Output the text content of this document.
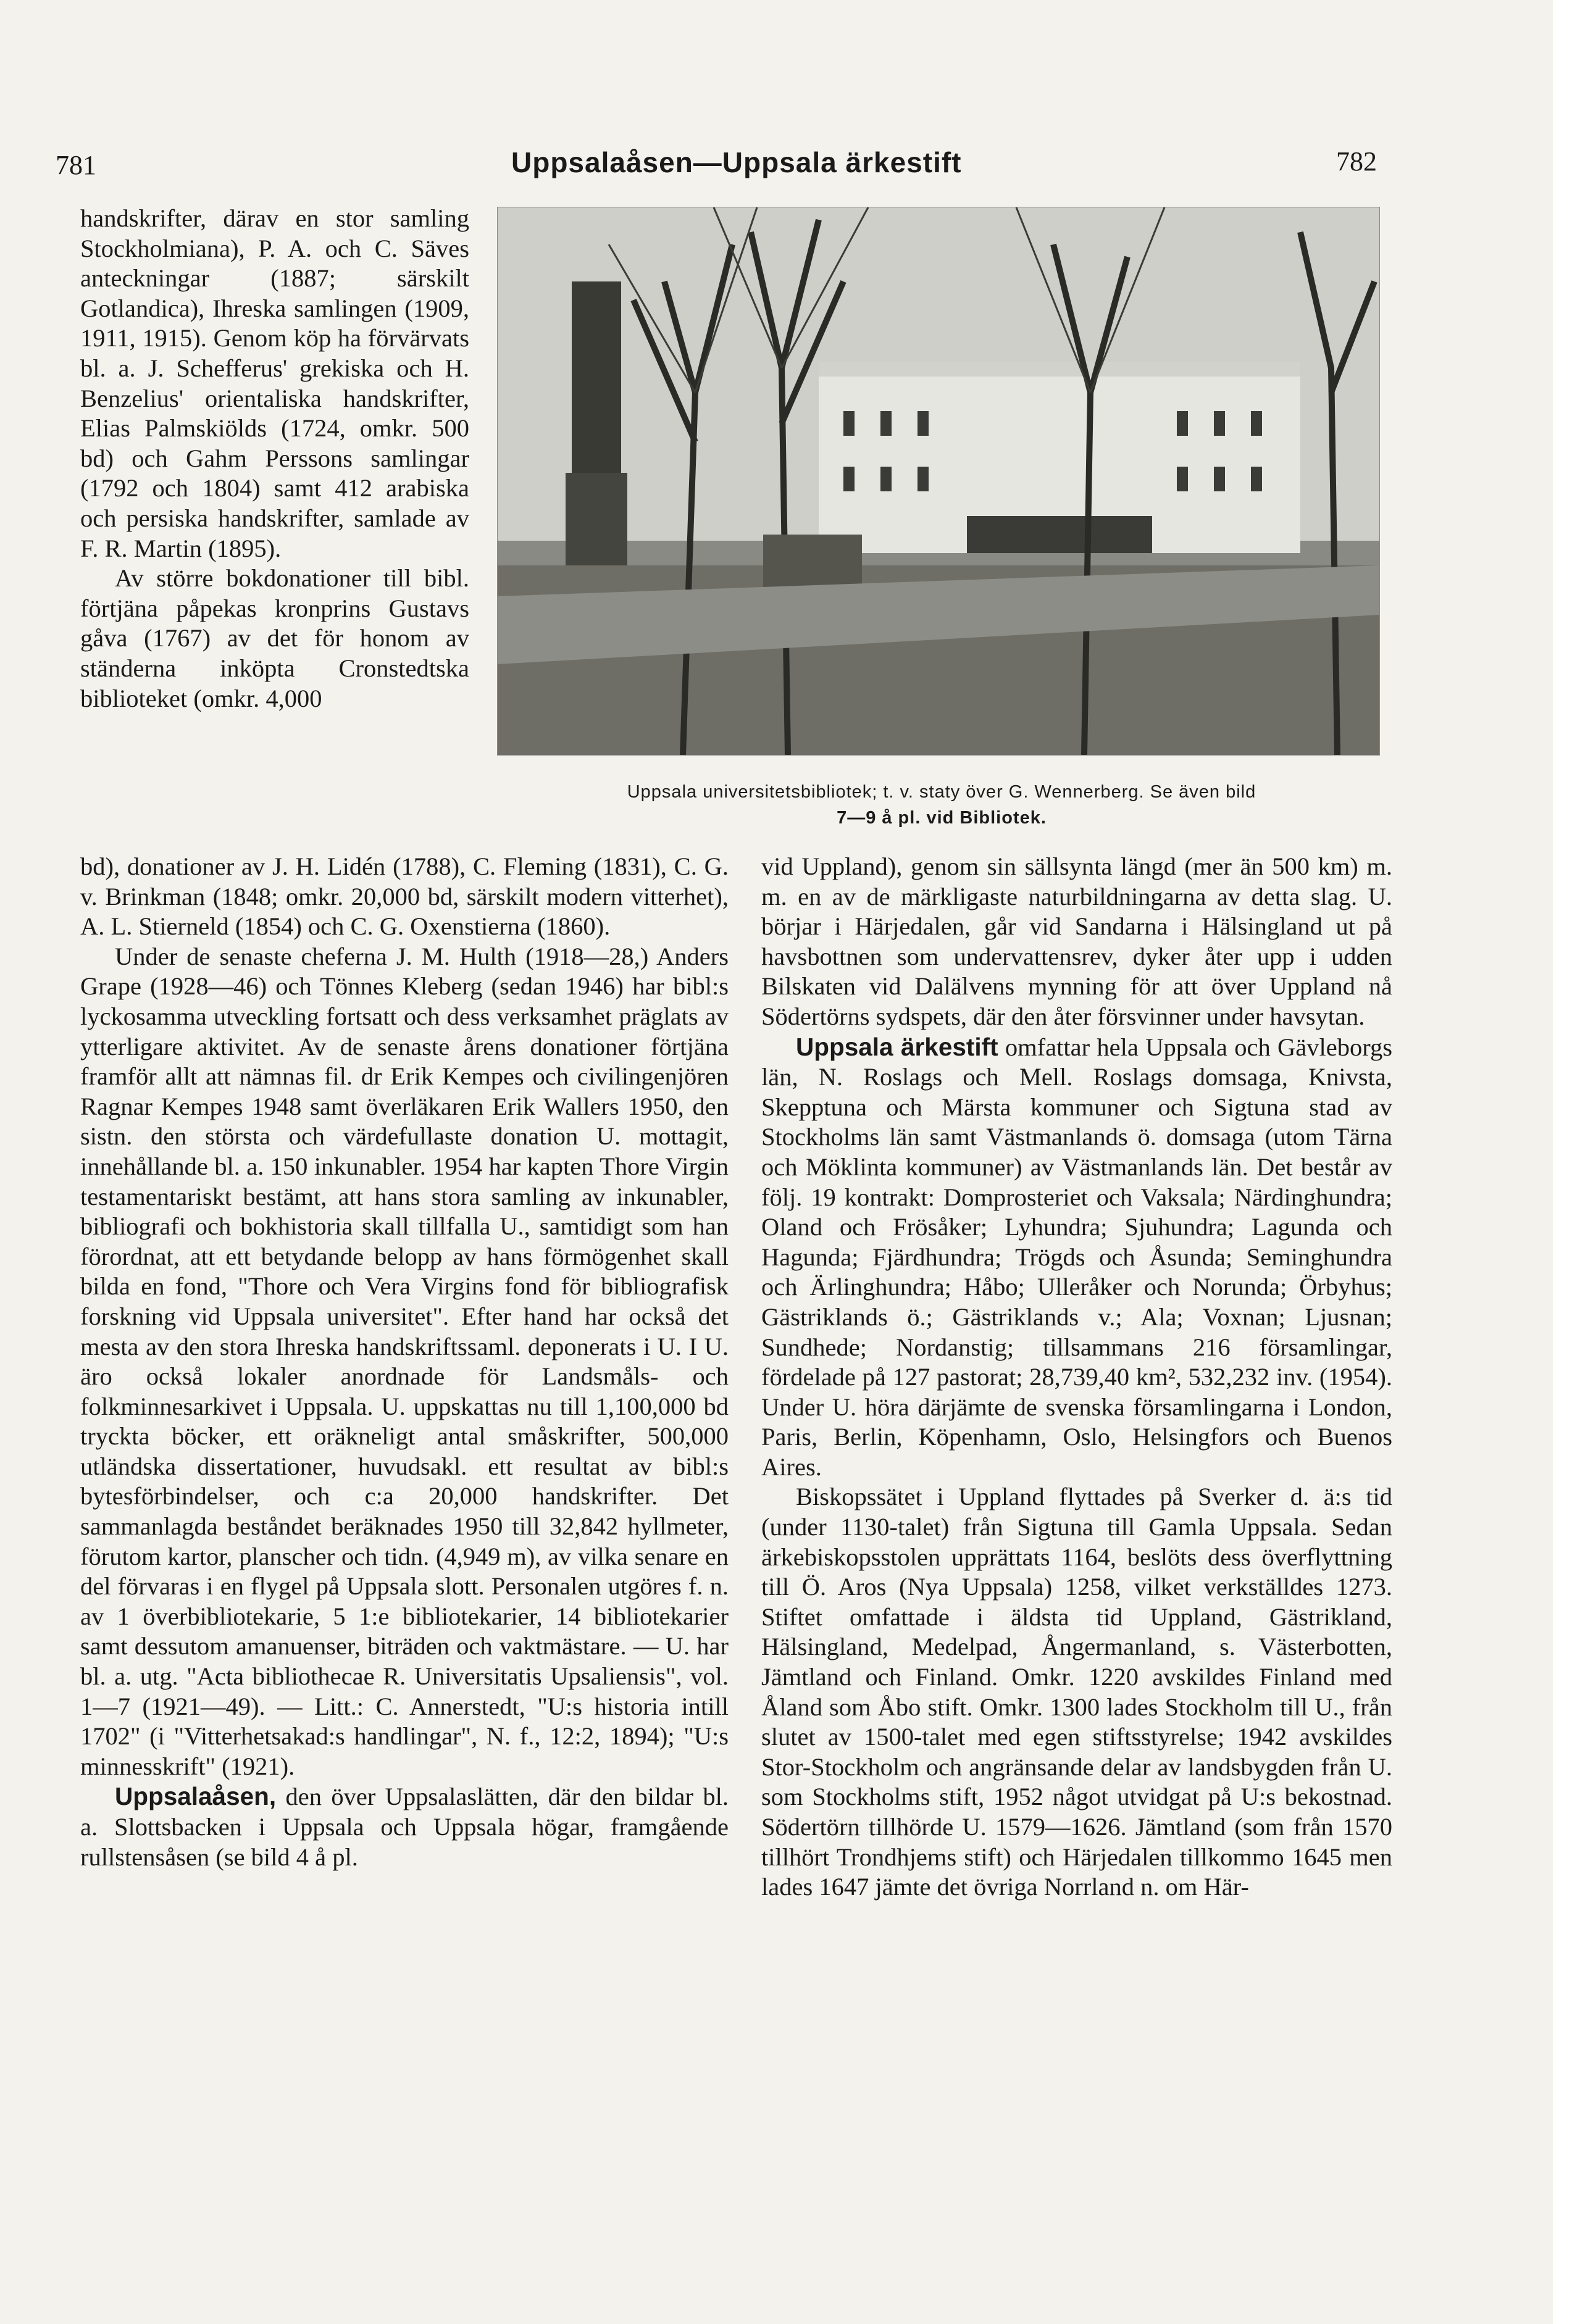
781	Uppsalaåsen—Uppsala ärkestift	782
Uppsala universitetsbibliotek; t. v. staty över G. Wennerberg. Se även bild
7—9 å pl. vid Bibliotek.

handskrifter, därav en stor samling Stockholmiana), P. A. och C. Säves anteckningar (1887; särskilt Gotlandica), Ihreska samlingen (1909, 1911, 1915). Genom köp ha förvärvats bl. a. J. Schefferus' grekiska och H. Benzelius' orientaliska handskrifter, Elias Palmskiölds (1724, omkr. 500 bd) och Gahm Perssons samlingar (1792 och 1804) samt 412 arabiska och persiska handskrifter, samlade av F. R. Martin (1895).

Av större bokdonationer till bibl. förtjäna påpekas kronprins Gustavs gåva (1767) av det för honom av ständerna inköpta Cronstedtska biblioteket (omkr. 4,000

bd), donationer av J. H. Lidén (1788), C. Fleming (1831), C. G. v. Brinkman (1848; omkr. 20,000 bd, särskilt modern vitterhet), A. L. Stierneld (1854) och C. G. Oxenstierna (1860).

Under de senaste cheferna J. M. Hulth (1918—28,) Anders Grape (1928—46) och Tönnes Kleberg (sedan 1946) har bibl:s lyckosamma utveckling fortsatt och dess verksamhet präglats av ytterligare aktivitet. Av de senaste årens donationer förtjäna framför allt att nämnas fil. dr Erik Kempes och civilingenjören Ragnar Kempes 1948 samt överläkaren Erik Wallers 1950, den sistn. den största och värdefullaste donation U. mottagit, innehållande bl. a. 150 inkunabler. 1954 har kapten Thore Virgin testamentariskt bestämt, att hans stora samling av inkunabler, bibliografi och bokhistoria skall tillfalla U., samtidigt som han förordnat, att ett betydande belopp av hans förmögenhet skall bilda en fond, "Thore och Vera Virgins fond för bibliografisk forskning vid Uppsala universitet". Efter hand har också det mesta av den stora Ihreska handskriftssaml. deponerats i U. I U. äro också lokaler anordnade för Landsmåls- och folkminnesarkivet i Uppsala. U. uppskattas nu till 1,100,000 bd tryckta böcker, ett oräkneligt antal småskrifter, 500,000 utländska dissertationer, huvudsakl. ett resultat av bibl:s bytesförbindelser, och c:a 20,000 handskrifter. Det sammanlagda beståndet beräknades 1950 till 32,842 hyllmeter, förutom kartor, planscher och tidn. (4,949 m), av vilka senare en del förvaras i en flygel på Uppsala slott. Personalen utgöres f. n. av 1 överbibliotekarie, 5 1:e bibliotekarier, 14 bibliotekarier samt dessutom amanuenser, biträden och vaktmästare. — U. har bl. a. utg. "Acta bibliothecae R. Universitatis Upsaliensis", vol. 1—7 (1921—49). — Litt.: C. Annerstedt, "U:s historia intill 1702" (i "Vitterhetsakad:s handlingar", N. f., 12:2, 1894); "U:s minnesskrift" (1921).

Uppsalaåsen, den över Uppsalaslätten, där den bildar bl. a. Slottsbacken i Uppsala och Uppsala högar, framgående rullstensåsen (se bild 4 å pl.

vid Uppland), genom sin sällsynta längd (mer än 500 km) m. m. en av de märkligaste naturbildningarna av detta slag. U. börjar i Härjedalen, går vid Sandarna i Hälsingland ut på havsbottnen som undervattensrev, dyker åter upp i udden Bilskaten vid Dalälvens mynning för att över Uppland nå Södertörns sydspets, där den åter försvinner under havsytan.

Uppsala ärkestift omfattar hela Uppsala och Gävleborgs län, N. Roslags och Mell. Roslags domsaga, Knivsta, Skepptuna och Märsta kommuner och Sigtuna stad av Stockholms län samt Västmanlands ö. domsaga (utom Tärna och Möklinta kommuner) av Västmanlands län. Det består av följ. 19 kontrakt: Domprosteriet och Vaksala; Närdinghundra; Oland och Frösåker; Lyhundra; Sjuhundra; Lagunda och Hagunda; Fjärdhundra; Trögds och Åsunda; Seminghundra och Ärlinghundra; Håbo; Ulleråker och Norunda; Örbyhus; Gästriklands ö.; Gästriklands v.; Ala; Voxnan; Ljusnan; Sundhede; Nordanstig; tillsammans 216 församlingar, fördelade på 127 pastorat; 28,739,40 km², 532,232 inv. (1954). Under U. höra därjämte de svenska församlingarna i London, Paris, Berlin, Köpenhamn, Oslo, Helsingfors och Buenos Aires.

Biskopssätet i Uppland flyttades på Sverker d. ä:s tid (under 1130-talet) från Sigtuna till Gamla Uppsala. Sedan ärkebiskopsstolen upprättats 1164, beslöts dess överflyttning till Ö. Aros (Nya Uppsala) 1258, vilket verkställdes 1273. Stiftet omfattade i äldsta tid Uppland, Gästrikland, Hälsingland, Medelpad, Ångermanland, s. Västerbotten, Jämtland och Finland. Omkr. 1220 avskildes Finland med Åland som Åbo stift. Omkr. 1300 lades Stockholm till U., från slutet av 1500-talet med egen stiftsstyrelse; 1942 avskildes Stor-Stockholm och angränsande delar av landsbygden från U. som Stockholms stift, 1952 något utvidgat på U:s bekostnad. Södertörn tillhörde U. 1579—1626. Jämtland (som från 1570 tillhört Trondhjems stift) och Härjedalen tillkommo 1645 men lades 1647 jämte det övriga Norrland n. om Här-
